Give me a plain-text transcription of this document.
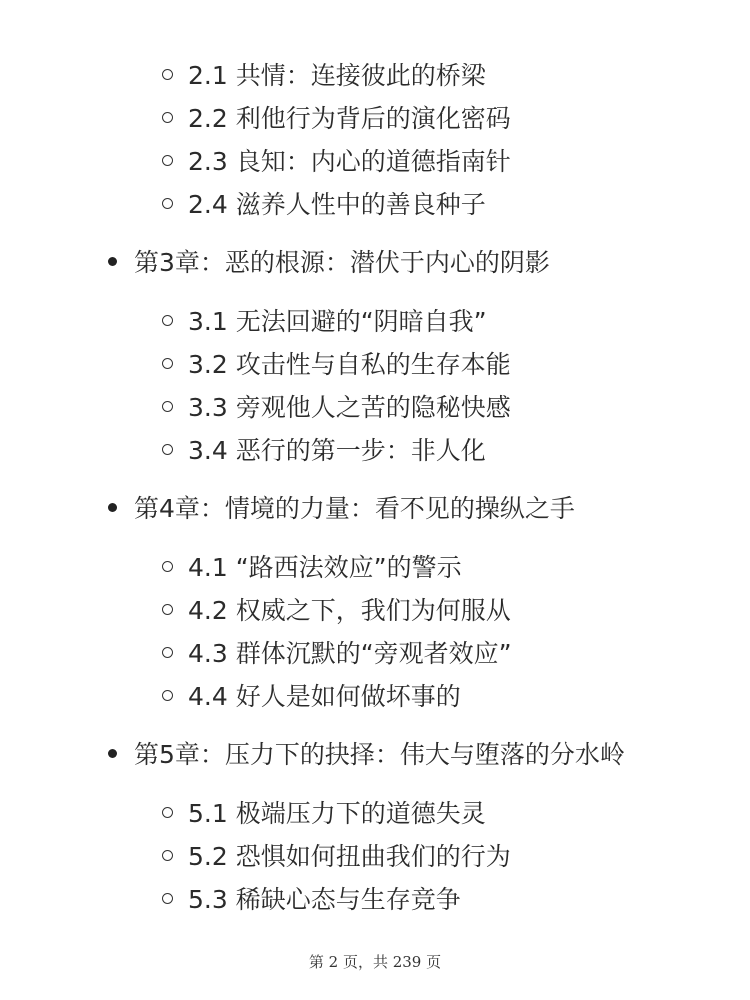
2.1 共情：连接彼此的桥梁
2.2 利他行为背后的演化密码
2.3 良知：内心的道德指南针
2.4 滋养人性中的善良种子
第3章：恶的根源：潜伏于内心的阴影
3.1 无法回避的“阴暗自我”
3.2 攻击性与自私的生存本能
3.3 旁观他人之苦的隐秘快感
3.4 恶行的第一步：非人化
第4章：情境的力量：看不见的操纵之手
4.1 “路西法效应”的警示
4.2 权威之下，我们为何服从
4.3 群体沉默的“旁观者效应”
4.4 好人是如何做坏事的
第5章：压力下的抉择：伟大与堕落的分水岭
5.1 极端压力下的道德失灵
5.2 恐惧如何扭曲我们的行为
5.3 稀缺心态与生存竞争
第 2 页，共 239 页
